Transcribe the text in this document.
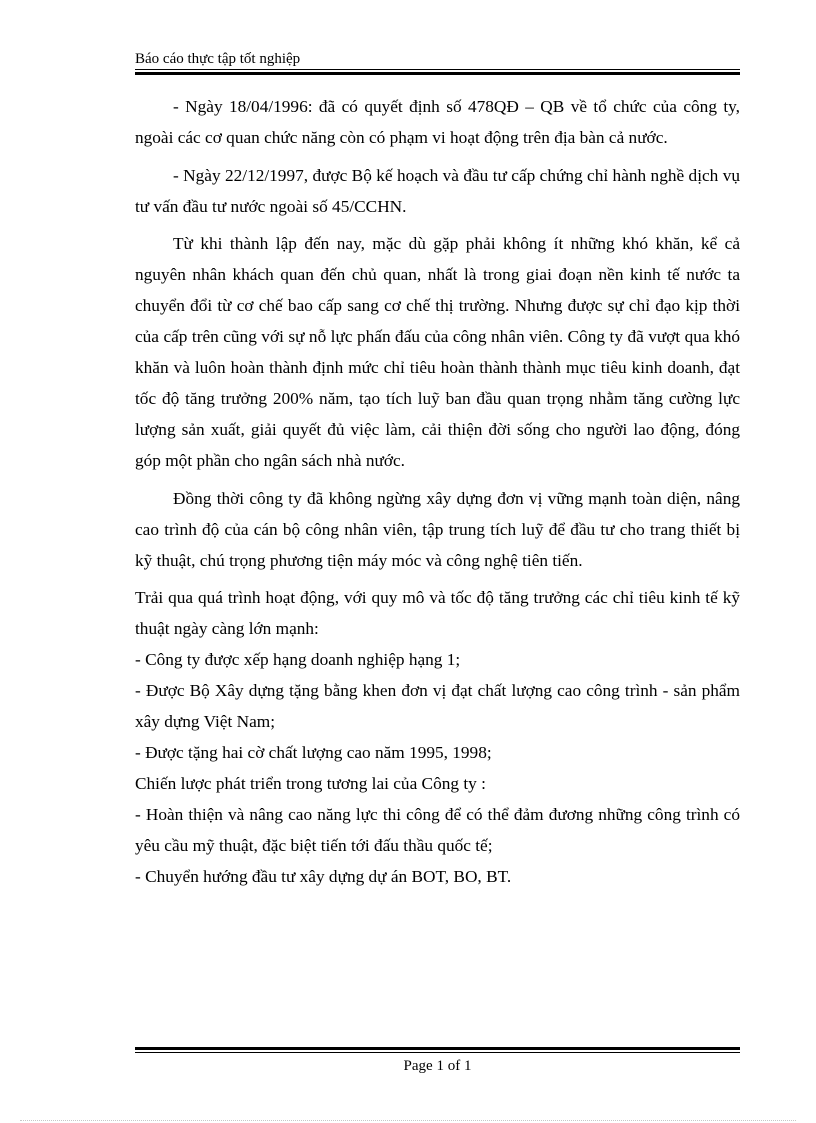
Báo cáo thực tập tốt nghiệp

- Ngày 18/04/1996: đã có quyết định số 478QĐ – QB về tổ chức của công ty, ngoài các cơ quan chức năng còn có phạm vi hoạt động trên địa bàn cả nước.

- Ngày 22/12/1997, được Bộ kế hoạch và đầu tư cấp chứng chỉ hành nghề dịch vụ tư vấn đầu tư nước ngoài số 45/CCHN.

Từ khi thành lập đến nay, mặc dù gặp phải không ít những khó khăn, kể cả nguyên nhân khách quan đến chủ quan, nhất là trong giai đoạn nền kinh tế nước ta chuyển đổi từ cơ chế bao cấp sang cơ chế thị trường. Nhưng được sự chỉ đạo kịp thời của cấp trên cũng với sự nỗ lực phấn đấu của công nhân viên. Công ty đã vượt qua khó khăn và luôn hoàn thành định mức chỉ tiêu hoàn thành thành mục tiêu kinh doanh, đạt tốc độ tăng trưởng 200% năm, tạo tích luỹ ban đầu quan trọng nhằm tăng cường lực lượng sản xuất, giải quyết đủ việc làm, cải thiện đời sống cho người lao động, đóng góp một phần cho ngân sách nhà nước.

Đồng thời công ty đã không ngừng xây dựng đơn vị vững mạnh toàn diện, nâng cao trình độ của cán bộ công nhân viên, tập trung tích luỹ để đầu tư cho trang thiết bị kỹ thuật, chú trọng phương tiện máy móc và công nghệ tiên tiến.

Trải qua quá trình hoạt động, với quy mô và tốc độ tăng trưởng các chỉ tiêu kinh tế kỹ thuật ngày càng lớn mạnh:

- Công ty được xếp hạng doanh nghiệp hạng 1;

- Được Bộ Xây dựng tặng bằng khen đơn vị đạt chất lượng cao công trình - sản phẩm xây dựng Việt Nam;

- Được tặng hai cờ chất lượng cao năm 1995, 1998;

Chiến lược phát triển trong tương lai của Công ty :

- Hoàn thiện và nâng cao năng lực thi công để có thể đảm đương những công trình có yêu cầu mỹ thuật, đặc biệt tiến tới đấu thầu quốc tế;

- Chuyển hướng đầu tư xây dựng dự án BOT, BO, BT.

Page 1 of 1
